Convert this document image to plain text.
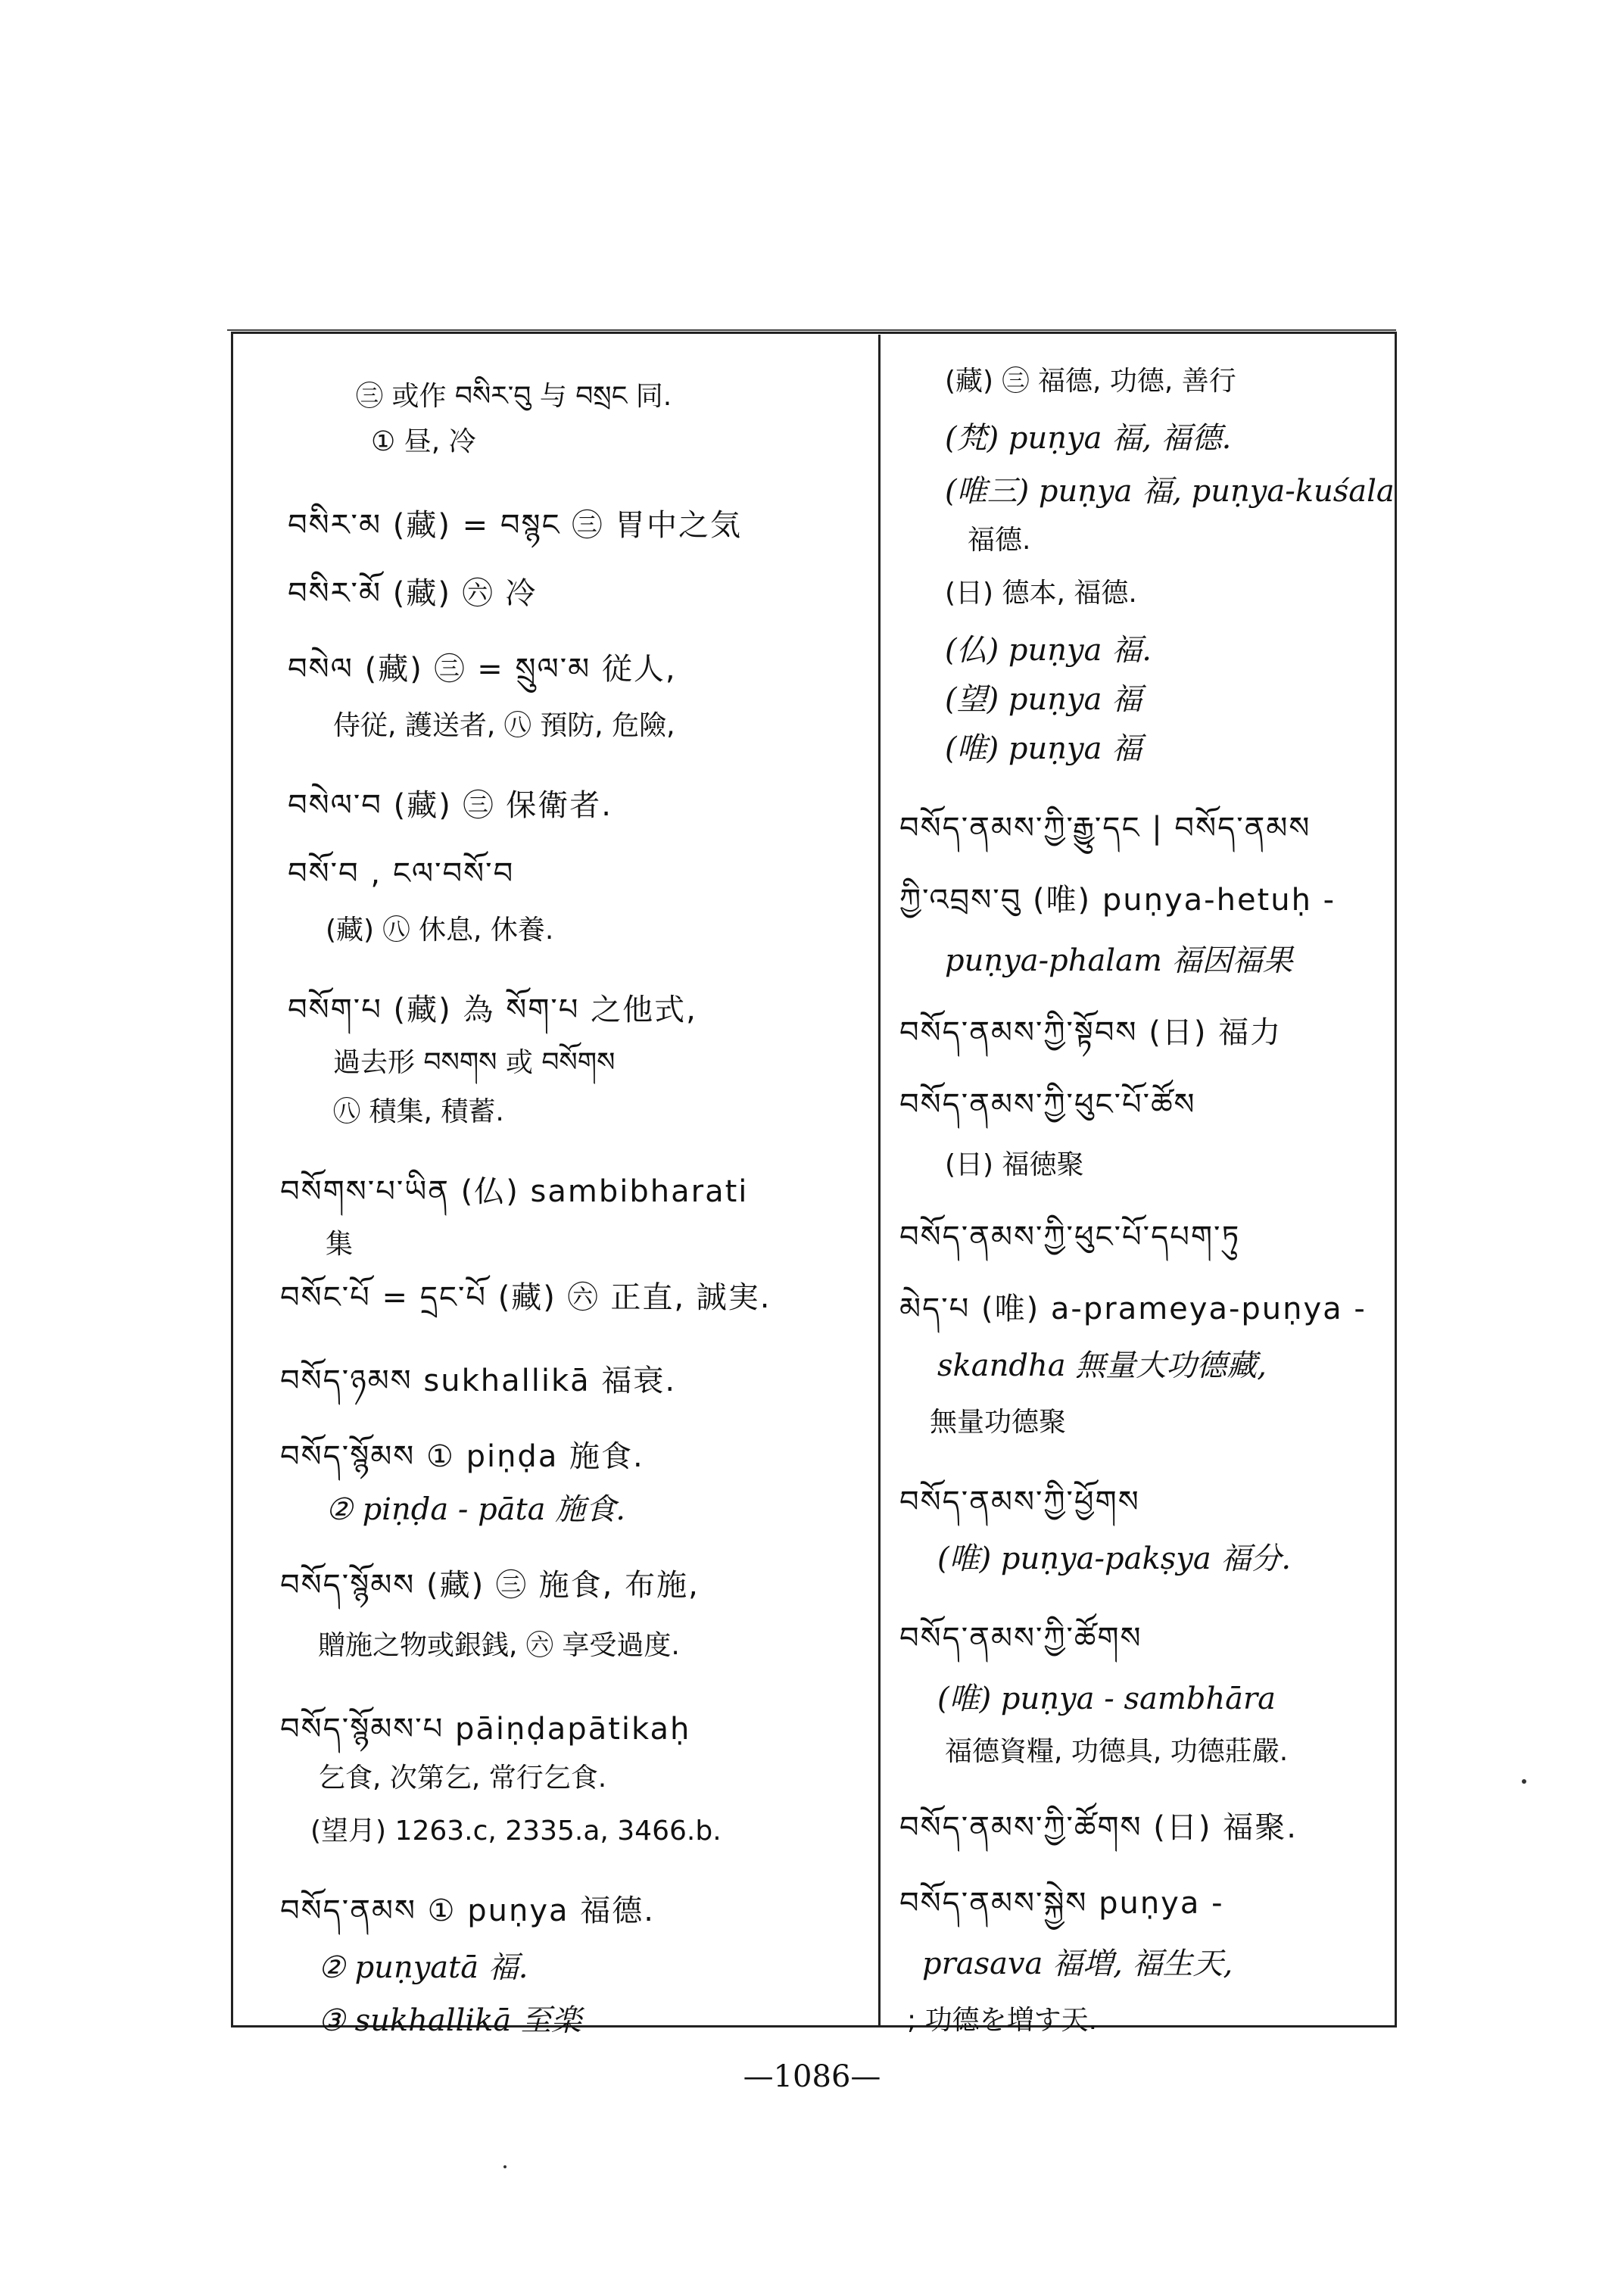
㊂ 或作 བསིར་བུ 与 བསྲང 同.
① 昼, 冷
བསིར་མ (藏) = བསྙང ㊂ 胃中之気
བསིར་མོ (藏) ㊅ 冷
བསེལ (藏) ㊂ = སྲུལ་མ 従人,
侍従, 護送者, ㊇ 預防, 危險,
བསེལ་བ (藏) ㊂ 保衛者.
བསོ་བ , ངལ་བསོ་བ
(藏) ㊇ 休息, 休養.
བསོག་པ (藏) 為 སོག་པ 之他式,
過去形 བསགས 或 བསོགས
㊇ 積集, 積蓄.
བསོགས་པ་ཡིན (仏) sambibharati
集
བསོང་པོ = དྲང་པོ (藏) ㊅ 正直, 誠実.
བསོད་ཉམས sukhallikā 福衰.
བསོད་སྙོམས ① piṇḍa 施食.
② piṇḍa - pāta 施食.
བསོད་སྙོམས (藏) ㊂ 施食, 布施,
贈施之物或銀銭, ㊅ 享受過度.
བསོད་སྙོམས་པ pāiṇḍapātikaḥ
乞食, 次第乞, 常行乞食.
(望月) 1263.c, 2335.a, 3466.b.
བསོད་ནམས ① puṇya 福德.
② puṇyatā 福.
③ sukhallikā 至楽
(藏) ㊂ 福德, 功德, 善行
(梵) puṇya 福, 福德.
(唯三) puṇya 福, puṇya-kuśala
福德.
(日) 德本, 福德.
(仏) puṇya 福.
(望) puṇya 福
(唯) puṇya 福
བསོད་ནམས་ཀྱི་རྒྱུ་དང | བསོད་ནམས
ཀྱི་འབྲས་བུ (唯) puṇya-hetuḥ -
puṇya-phalam 福因福果
བསོད་ནམས་ཀྱི་སྟོབས (日) 福力
བསོད་ནམས་ཀྱི་ཕུང་པོ་ཚོས
(日) 福徳聚
བསོད་ནམས་ཀྱི་ཕུང་པོ་དཔག་ཏུ
མེད་པ (唯) a-prameya-puṇya -
skandha 無量大功德藏,
無量功德聚
བསོད་ནམས་ཀྱི་ཕྱོགས
(唯) puṇya-pakṣya 福分.
བསོད་ནམས་ཀྱི་ཚོགས
(唯) puṇya - sambhāra
福德資糧, 功德具, 功德莊嚴.
བསོད་ནམས་ཀྱི་ཚོགས (日) 福聚.
བསོད་ནམས་སྐྱེས puṇya -
prasava 福増, 福生天,
; 功德を増す天.
—1086—
